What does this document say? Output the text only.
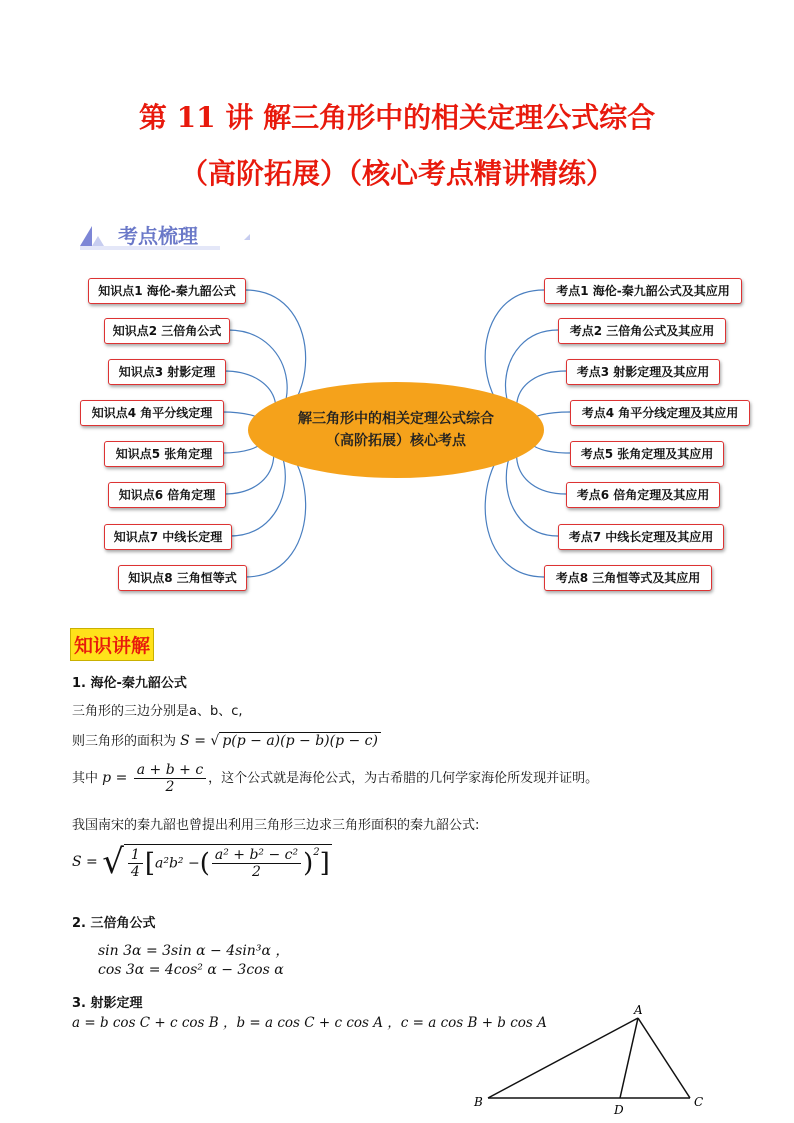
第 11 讲 解三角形中的相关定理公式综合
（高阶拓展）（核心考点精讲精练）
考点梳理
解三角形中的相关定理公式综合
（高阶拓展）核心考点
知识点1 海伦-秦九韶公式
知识点2 三倍角公式
知识点3 射影定理
知识点4 角平分线定理
知识点5 张角定理
知识点6 倍角定理
知识点7 中线长定理
知识点8 三角恒等式
考点1 海伦-秦九韶公式及其应用
考点2 三倍角公式及其应用
考点3 射影定理及其应用
考点4 角平分线定理及其应用
考点5 张角定理及其应用
考点6 倍角定理及其应用
考点7 中线长定理及其应用
考点8 三角恒等式及其应用
知识讲解
1. 海伦-秦九韶公式
三角形的三边分别是a、b、c,
则三角形的面积为 S = √ p(p − a)(p − b)(p − c)
其中 $p = \frac{a + b + c}{2}$ ，这个公式就是海伦公式，为古希腊的几何学家海伦所发现并证明。
我国南宋的秦九韶也曾提出利用三角形三边求三角形面积的秦九韶公式:
S = √ $\frac{1}{4} [a^2b^2$ −( $\frac{\text{a² + b² − c²}}{2} )^2$]
2. 三倍角公式
sin 3α = 3sin α − 4sin³α ，
cos 3α = 4cos² α − 3cos α
3. 射影定理
a = b cos C + c cos B ，b = a cos C + c cos A ，c = a cos B + b cos A
A
B	C
D
